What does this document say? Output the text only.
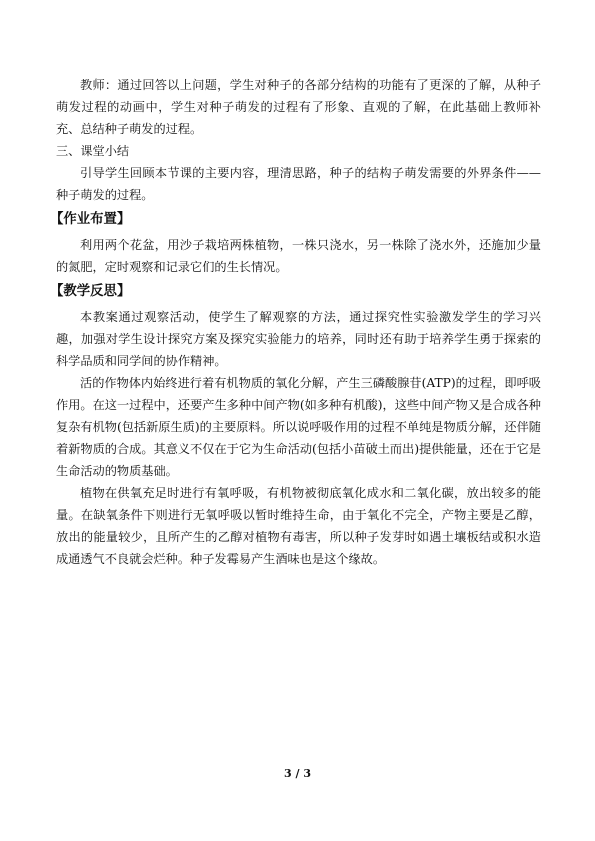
教师：通过回答以上问题，学生对种子的各部分结构的功能有了更深的了解，从种子萌发过程的动画中，学生对种子萌发的过程有了形象、直观的了解，在此基础上教师补充、总结种子萌发的过程。

三、课堂小结

引导学生回顾本节课的主要内容，理清思路，种子的结构子萌发需要的外界条件——种子萌发的过程。

【作业布置】

利用两个花盆，用沙子栽培两株植物，一株只浇水，另一株除了浇水外，还施加少量的氮肥，定时观察和记录它们的生长情况。

【教学反思】

本教案通过观察活动，使学生了解观察的方法，通过探究性实验激发学生的学习兴趣，加强对学生设计探究方案及探究实验能力的培养，同时还有助于培养学生勇于探索的科学品质和同学间的协作精神。

活的作物体内始终进行着有机物质的氧化分解，产生三磷酸腺苷(ATP)的过程，即呼吸作用。在这一过程中，还要产生多种中间产物(如多种有机酸)，这些中间产物又是合成各种复杂有机物(包括新原生质)的主要原料。所以说呼吸作用的过程不单纯是物质分解，还伴随着新物质的合成。其意义不仅在于它为生命活动(包括小苗破土而出)提供能量，还在于它是生命活动的物质基础。

植物在供氧充足时进行有氧呼吸，有机物被彻底氧化成水和二氧化碳，放出较多的能量。在缺氧条件下则进行无氧呼吸以暂时维持生命，由于氧化不完全，产物主要是乙醇，放出的能量较少，且所产生的乙醇对植物有毒害，所以种子发芽时如遇土壤板结或积水造成通透气不良就会烂种。种子发霉易产生酒味也是这个缘故。

3 / 3
